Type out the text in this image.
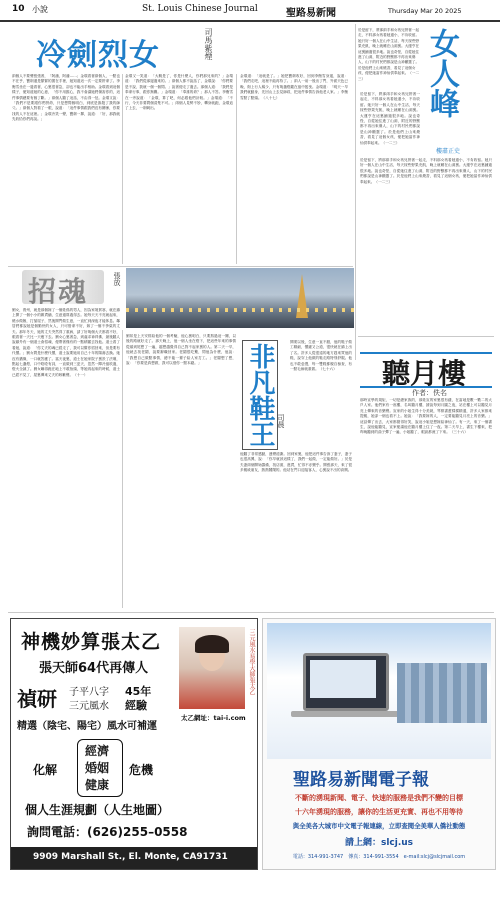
10 小說	St. Louis Chinese Journal	聖路易新聞	Thursday Mar 20 2025
冷劍烈女	司馬紫煙
兩個人不要聲張張著，「阿潘，阿潘……」金環看著兩個人，一點也不在乎，寶劍還是緊緊的握在手裡，她知道這一次一定要拼命了。李衡雪坐在一邊看著，心裏很著急，卻也不能出手相助。金環看到這個樣子，便知道她的心意，「你不用擔心，我不會讓她們傷害你的，這件事情總要有個了斷。」兩個人聽了這話，不由得一怔。金環又說：「我們不是要跟你們拼命，只是想問個明白，到底是誰殺了我的師父。」兩個人對看了一眼，說道：「這件事情跟我們沒有關係，你要找的人不在這裡。」金環冷笑一聲，寶劍一揮，說道：「好，那我就先收拾你們再說。」
金環又一笑道：「大概是了，你是什麼人，你們那兒來的？」金環道：「我們從那邊過來的。」兩個人都不說話了，金環說：「你們要是不說，我就一個一個問。」說著便走了過去。那個人道：「我們是奉命行事，跟你無關。」金環道：「奉誰的命？」那人不答。李衡雪在一旁說道：「金環，算了吧，何必跟他們計較。」金環道：「不行，今天非要問個清楚不可。」兩個人見勢不妙，轉身就跑，金環追了上去，一劍刺出。
金環道：「這就是了。」她把寶劍收好，回到李衡雪身邊，說道：「我們走吧，這裡不能再待了。」兩人一前一後出了門，外面天色已晚，街上行人稀少，只有幾盞燈籠在風中搖曳。金環道：「明天一早我們就動身，先回山上去見師叔，把這件事情告訴他老人家。」李衡雪點了點頭。（八十七）
於是留下，將那兩手和女孩兒拼著一起走，不料那女孩看她還小，不肯收留。她只好一個人在山中生活，每天採些野果充飢，晚上就睡在山洞裏。大運亨在這裏鋪過很多地。說也奇怪，自從她住進了山洞，附近的野獸都不再出來傷人，山下的村民們都說是山神顯靈了。於是他們上山來燒香，看見了這個女孩，便把她當作神仙供奉起來。（一二三）	女人峰
樓肅正史
於是留下，將那兩手和女孩兒拼著一起走，不料那女孩看她還小，不肯收留。她只好一個人在山中生活，每天採些野果充飢，晚上就睡在山洞裏。大運亨在這裏鋪過很多地。說也奇怪，自從她住進了山洞，附近的野獸都不再出來傷人，山下的村民們都說是山神顯靈了。於是他們上山來燒香，看見了這個女孩，便把她當作神仙供奉起來。（一二三）
於是留下，將那兩手和女孩兒拼著一起走，不料那女孩看她還小，不肯收留。她只好一個人在山中生活，每天採些野果充飢，晚上就睡在山洞裏。大運亨在這裏鋪過很多地。說也奇怪，自從她住進了山洞，附近的野獸都不再出來傷人，山下的村民們都說是山神顯靈了。於是他們上山來燒香，看見了這個女孩，便把她當作神仙供奉起來。（一二三）
招魂	張放
劉女，貴州，就是那個嫁了一個姓孫的男人，因為家境貧寒，就在鎮上開了一個小小的雜貨舖，生意還算過得去。她每天天不亮就起來，燒水做飯，打掃屋子，然後開門做生意，一直忙到深夜才能休息。鄰居們都說她是個勤快的女人，只可惜命不好，嫁了一個不爭氣的丈夫。那年冬天，她的丈夫突然得了重病，請了好幾個大夫都看不好，眼看著一天比一天瘦下去。劉女心裏著急，到處求神拜佛，最後聽人說鎮外有一個道士會招魂，便帶著僅有的一點積蓄去找他。道士看了看她，說道：「你丈夫的魂已經走了，我可以幫你招回來，但是要有代價。」劉女問是什麼代價，道士說要她用自己十年的陽壽去換。她沒有猶豫，一口就答應了。當天夜裏，道士在她家院子裏設了法壇，點起七盞燈，口中唸唸有詞，一直做到三更天，忽然一陣冷風吹過，燈火全滅了。劉女嚇得跪在地上不敢抬頭，等她再起來的時候，道士已經不見了，屋裏傳來丈夫的咳嗽聲。（十一）
劉邦是上天安排給他的一個考驗，他心裏明白，只要熬過這一關，以後的路就好走了。那天晚上，他一個人坐在燈下，把這些年來的事情從頭到尾想了一遍，越想越覺得自己對不起家裏的人。第二天一早，他就去找老闆，說要辭職回家。老闆很吃驚，問他為什麼，他說：「我想自己做點事情，總不能一輩子給人家打工。」老闆想了想，說：「你要是真想做，我可以借你一點本錢。」	非凡鞋王 司晨
他聽了非常感動，連聲道謝。回到家裏，他把這件事告訴了妻子，妻子也很高興，說：「你早就該這樣了，我們一起做，一定能做好。」於是夫妻兩個開始籌備，找店面，進貨，忙得不亦樂乎。開張那天，來了很多親戚朋友，熱熱鬧鬧的。他站在門口迎接客人，心裏說不出的高興。
開業以後，生意一直不錯，他的鞋子做工精細，價錢又公道，很快就在鎮上出了名。許多人從很遠的地方趕來買他的鞋，說穿上他做的鞋走路特別舒服。他也不敢怠慢，每一雙鞋都親自檢查，有一點毛病就重做。（七十六）	聽月樓
作者：佚名
那時宣學的規矩，一切是總家族的，那姓宣的家裏很有錢，在當地是數一數二的大戶人家。他們家有一座樓，名叫聽月樓，據說每到月圓之夜，站在樓上可以聽見月亮上傳來的音樂聲。宣家的小姐生得十分美貌，琴棋書畫樣樣精通，許多人家都來提親，她卻一個也看不上。她說：「我要嫁的人，一定要能聽見月亮上的音樂。」這話傳了出去，大家都覺得好笑，說這小姐是想嫁給神仙了。有一天，來了一個書生，說他能聽見，宣家便讓他在聽月樓上住了一夜。第二天早上，書生下樓來，把昨晚聽到的曲子彈了一遍，小姐聽了，眼淚都流了下來。（三十六）
神機妙算張太乙
張天師64代再傳人
禎研 子平八字
三元風水
45年
經驗
精選（陰宅、陽宅）風水可補運
化解
經濟
婚姻
健康
危機
個人生涯規劃（人生地圖）
詢問電話：(626)255–0558
9909 Marshall St., El. Monte, CA91731
三元風水易學大師張太乙
太乙網址：tai-i.com
聖路易新聞電子報
不斷的湧現新聞、電子、快速的服務是我們不變的目標
十六年湧現的服務，讓你的生活更充實、再也不用等待
與全美各大城市中文電子報連線，立即查閱全美華人僑社動態
請上網：slcj.us
電話：314-991-3747　傳真：314-991-3554　e-mail:slcj@slcjmail.com
